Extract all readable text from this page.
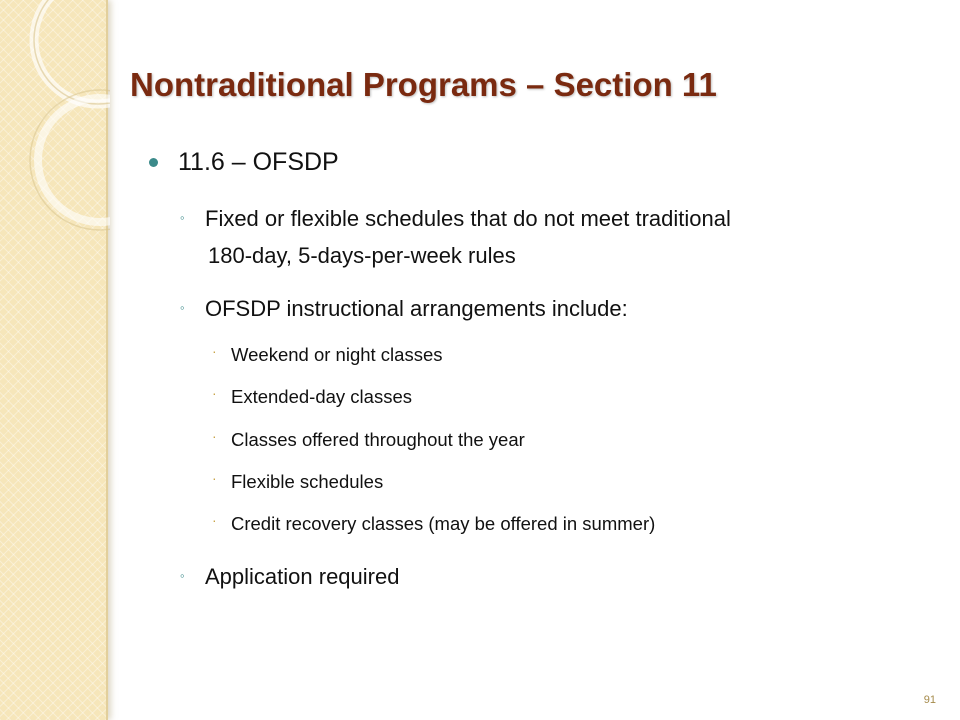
Nontraditional Programs – Section 11
11.6 – OFSDP
◦ Fixed or flexible schedules that do not meet traditional
180-day, 5-days-per-week rules
◦ OFSDP instructional arrangements include:
· Weekend or night classes
· Extended-day classes
· Classes offered throughout the year
· Flexible schedules
· Credit recovery classes (may be offered in summer)
◦ Application required
91
